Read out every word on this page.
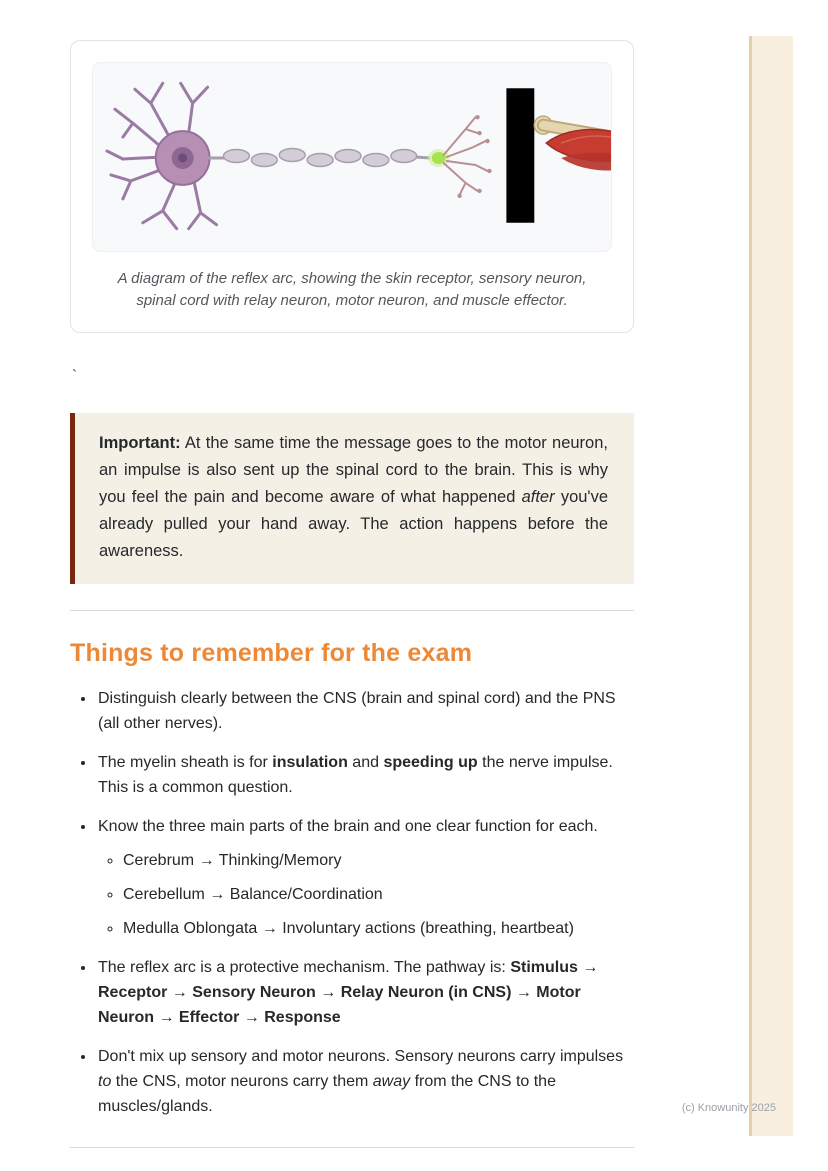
A diagram of the reflex arc, showing the skin receptor, sensory neuron, spinal cord with relay neuron, motor neuron, and muscle effector.
`

Important: At the same time the message goes to the motor neuron, an impulse is also sent up the spinal cord to the brain. This is why you feel the pain and become aware of what happened after you've already pulled your hand away. The action happens before the awareness.

Things to remember for the exam
• Distinguish clearly between the CNS (brain and spinal cord) and the PNS (all other nerves).
• The myelin sheath is for insulation and speeding up the nerve impulse. This is a common question.
• Know the three main parts of the brain and one clear function for each.
◦ Cerebrum → Thinking/Memory
◦ Cerebellum → Balance/Coordination
◦ Medulla Oblongata → Involuntary actions (breathing, heartbeat)
• The reflex arc is a protective mechanism. The pathway is: Stimulus → Receptor → Sensory Neuron → Relay Neuron (in CNS) → Motor Neuron → Effector → Response
• Don't mix up sensory and motor neurons. Sensory neurons carry impulses to the CNS, motor neurons carry them away from the CNS to the muscles/glands.	(c) Knowunity 2025
